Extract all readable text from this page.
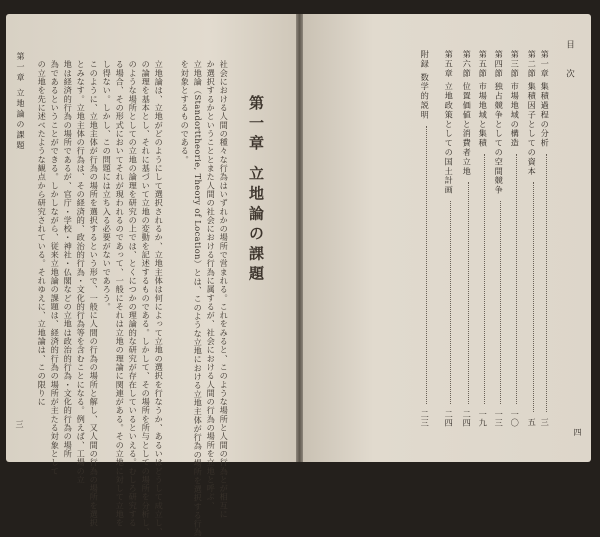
第一章 立地論の課題
社会における人間の種々な行為はいずれかの場所で営まれる。これをみると、このような場所と人間の行為とが相互に
か選択するかということとまた人間の社会における行為に属するが、社会における人間の行為の場所を立地と呼ぶ、
立地論（Standorttheorie, Theory of Location）とは、このような立地における立地主体が行為の場所を選択する行為
を対象とするものである。
立地論は、立地がどのようにして選択されるか、立地主体は何によって立地の選択を行なうか、あるいはどうして成立し、
の論理を基本とし、それに基づいて立地の変動を記述するものである。しかして、その場所を所与としての場所を分析し、
のような場所としての立地の論理を研究の上では、とくにつかの理論的な研究が存在しているといえる。むしろ研究する
る場合、その形式においてそれが現われるのであって、一般にそれは立地の理論に関連がある。その立地に対して立地を
し得ない。しかし、この問題には立ち入る必要がないであろう。
このように、立地主体が行為の場所を選択するという形で、一般に人間の行為の場所と解し、又人間の行為の場所を選択
とみなす。立地主体の行為は、その経済的、政治的行為・文化的行為等を含むことになる。例えば、工場の立
地は経済的行為の場所であるが、官庁・学校・神社・仏閣などの立地は政治的行為・文化的行為の場所
為であるということができる。しかしながら、従来立地論の課題は、経済的行為の場所が主たる対象として
の立地を先に述べたような観点から研究されている。それゆえに、立地論は、この限りに
第一章 立地論の課題
三
目 次
第一章 集積過程の分析
三
第二節 集積因子としての資本
五
第三節 市場地域の構造
一〇
第四節 独占競争としての空間競争
一三
第五節 市場地域と集積
一九
第六節 位置価値と消費者立地
二四
第五章 立地政策としての国土計画
二四
附録 数学的説明
二三
四
